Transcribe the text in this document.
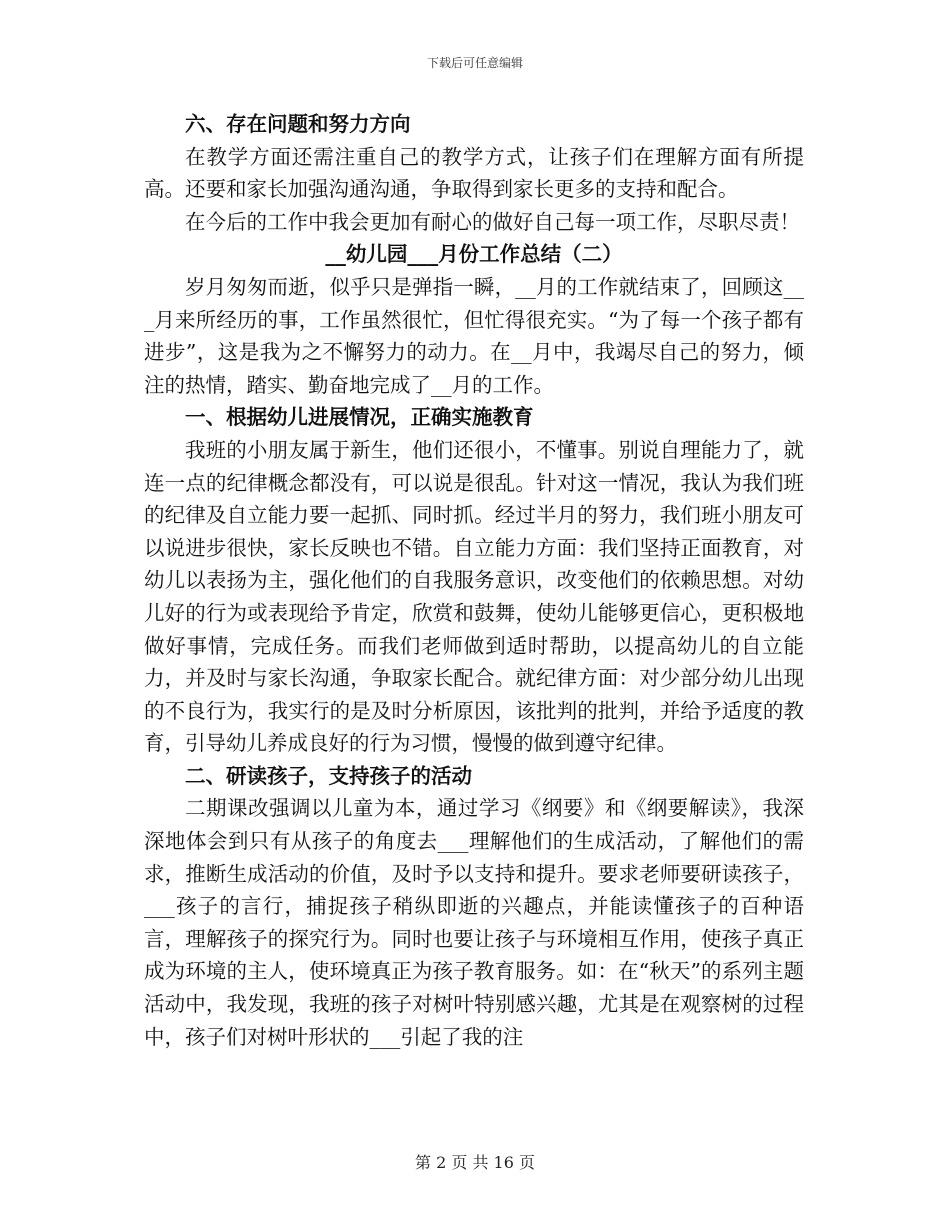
下载后可任意编辑
六、存在问题和努力方向

在教学方面还需注重自己的教学方式，让孩子们在理解方面有所提高。还要和家长加强沟通沟通，争取得到家长更多的支持和配合。

在今后的工作中我会更加有耐心的做好自己每一项工作，尽职尽责！

__幼儿园___月份工作总结（二）

岁月匆匆而逝，似乎只是弹指一瞬，__月的工作就结束了，回顾这___月来所经历的事，工作虽然很忙，但忙得很充实。“为了每一个孩子都有进步”，这是我为之不懈努力的动力。在__月中，我竭尽自己的努力，倾注的热情，踏实、勤奋地完成了__月的工作。

一、根据幼儿进展情况，正确实施教育

我班的小朋友属于新生，他们还很小，不懂事。别说自理能力了，就连一点的纪律概念都没有，可以说是很乱。针对这一情况，我认为我们班的纪律及自立能力要一起抓、同时抓。经过半月的努力，我们班小朋友可以说进步很快，家长反映也不错。自立能力方面：我们坚持正面教育，对幼儿以表扬为主，强化他们的自我服务意识，改变他们的依赖思想。对幼儿好的行为或表现给予肯定，欣赏和鼓舞，使幼儿能够更信心，更积极地做好事情，完成任务。而我们老师做到适时帮助，以提高幼儿的自立能力，并及时与家长沟通，争取家长配合。就纪律方面：对少部分幼儿出现的不良行为，我实行的是及时分析原因，该批判的批判，并给予适度的教育，引导幼儿养成良好的行为习惯，慢慢的做到遵守纪律。

二、研读孩子，支持孩子的活动

二期课改强调以儿童为本，通过学习《纲要》和《纲要解读》，我深深地体会到只有从孩子的角度去___理解他们的生成活动，了解他们的需求，推断生成活动的价值，及时予以支持和提升。要求老师要研读孩子，___孩子的言行，捕捉孩子稍纵即逝的兴趣点，并能读懂孩子的百种语言，理解孩子的探究行为。同时也要让孩子与环境相互作用，使孩子真正成为环境的主人，使环境真正为孩子教育服务。如：在“秋天”的系列主题活动中，我发现，我班的孩子对树叶特别感兴趣，尤其是在观察树的过程中，孩子们对树叶形状的___引起了我的注

第 2 页 共 16 页
